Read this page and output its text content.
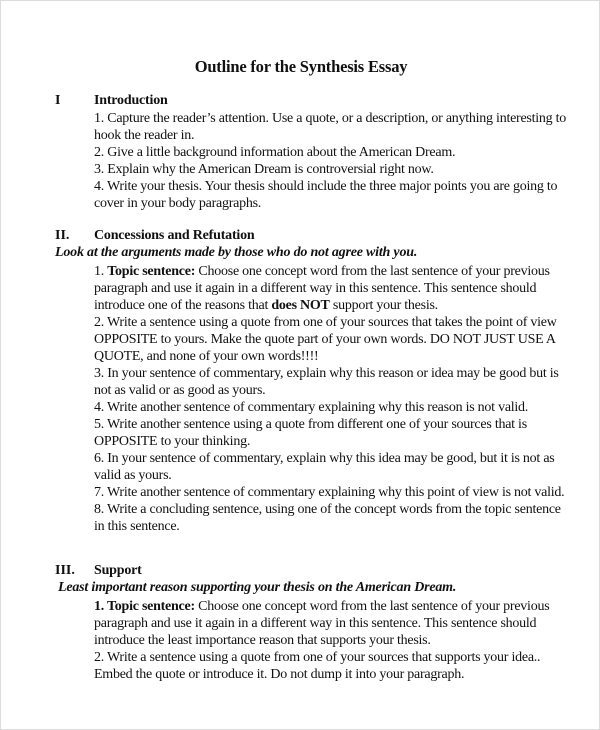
Outline for the Synthesis Essay
I Introduction
1. Capture the reader’s attention. Use a quote, or a description, or anything interesting to
hook the reader in.
2. Give a little background information about the American Dream.
3. Explain why the American Dream is controversial right now.
4. Write your thesis. Your thesis should include the three major points you are going to
cover in your body paragraphs.
II. Concessions and Refutation
Look at the arguments made by those who do not agree with you.
1. Topic sentence: Choose one concept word from the last sentence of your previous
paragraph and use it again in a different way in this sentence. This sentence should
introduce one of the reasons that does NOT support your thesis.
2. Write a sentence using a quote from one of your sources that takes the point of view
OPPOSITE to yours. Make the quote part of your own words. DO NOT JUST USE A
QUOTE, and none of your own words!!!!
3. In your sentence of commentary, explain why this reason or idea may be good but is
not as valid or as good as yours.
4. Write another sentence of commentary explaining why this reason is not valid.
5. Write another sentence using a quote from different one of your sources that is
OPPOSITE to your thinking.
6. In your sentence of commentary, explain why this idea may be good, but it is not as
valid as yours.
7. Write another sentence of commentary explaining why this point of view is not valid.
8. Write a concluding sentence, using one of the concept words from the topic sentence
in this sentence.
III. Support
Least important reason supporting your thesis on the American Dream.
1. Topic sentence: Choose one concept word from the last sentence of your previous
paragraph and use it again in a different way in this sentence. This sentence should
introduce the least importance reason that supports your thesis.
2. Write a sentence using a quote from one of your sources that supports your idea..
Embed the quote or introduce it. Do not dump it into your paragraph.
